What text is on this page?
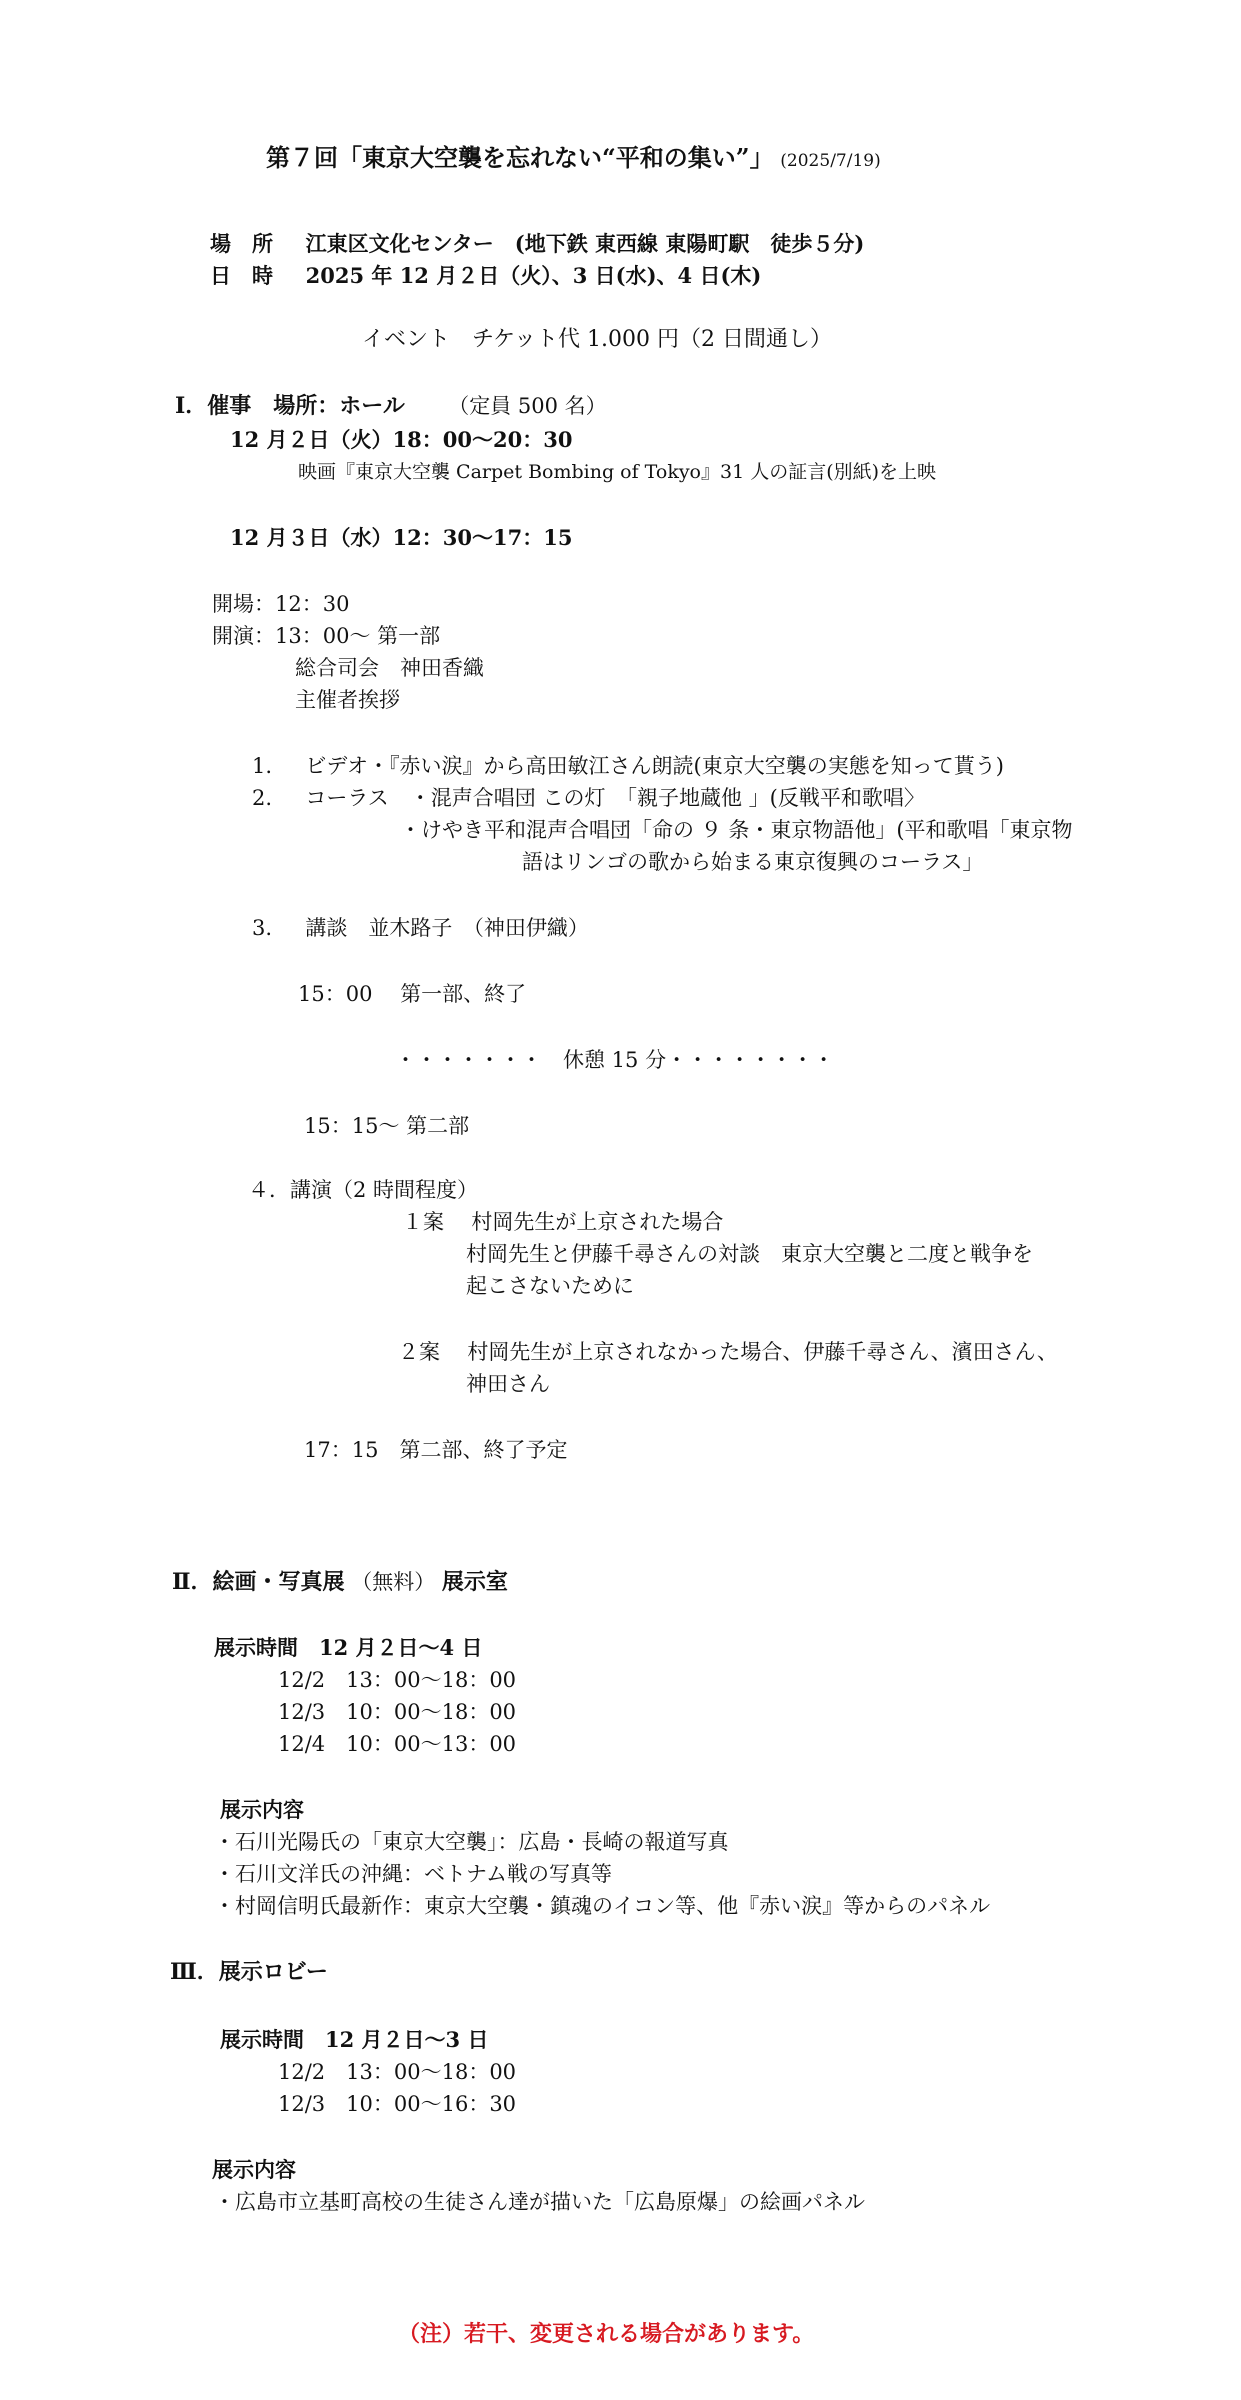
第７回「東京大空襲を忘れない“平和の集い”」 (2025/7/19)
場　所 江東区文化センター　(地下鉄 東西線 東陽町駅　徒歩５分)
日　時 2025 年 12 月２日（火）、3 日(水)、4 日(木)
イベント　チケット代 1.000 円（2 日間通し）
Ⅰ．催事　場所：ホール （定員 500 名）
12 月２日（火）18：00〜20：30
映画『東京大空襲 Carpet Bombing of Tokyo』31 人の証言(別紙)を上映
12 月３日（水）12：30〜17：15
開場：12：30
開演：13：00〜 第一部
総合司会　神田香織
主催者挨拶
1. ビデオ・『赤い涙』から高田敏江さん朗読(東京大空襲の実態を知って貰う)
2. コーラス　・混声合唱団 この灯　「親子地蔵他 」(反戦平和歌唱〉
・けやき平和混声合唱団「命の ９ 条・東京物語他」(平和歌唱「東京物
語はリンゴの歌から始まる東京復興のコーラス」
3. 講談　並木路子　（神田伊織）
15：00　 第一部、終了
・・・・・・・　休憩 15 分・・・・・・・・
15：15〜 第二部
４．講演（2 時間程度）
１案 村岡先生が上京された場合
村岡先生と伊藤千尋さんの対談　東京大空襲と二度と戦争を
起こさないために
２案 村岡先生が上京されなかった場合、伊藤千尋さん、濱田さん、
神田さん
17：15　第二部、終了予定
Ⅱ．絵画・写真展 （無料） 展示室
展示時間　12 月２日〜4 日
12/2　13：00〜18：00
12/3　10：00〜18：00
12/4　10：00〜13：00
展示内容
・石川光陽氏の「東京大空襲」：広島・長崎の報道写真
・石川文洋氏の沖縄：ベトナム戦の写真等
・村岡信明氏最新作：東京大空襲・鎮魂のイコン等、他『赤い涙』等からのパネル
Ⅲ．展示ロビー
展示時間　12 月２日〜3 日
12/2　13：00〜18：00
12/3　10：00〜16：30
展示内容
・広島市立基町高校の生徒さん達が描いた「広島原爆」の絵画パネル
（注）若干、変更される場合があります。
